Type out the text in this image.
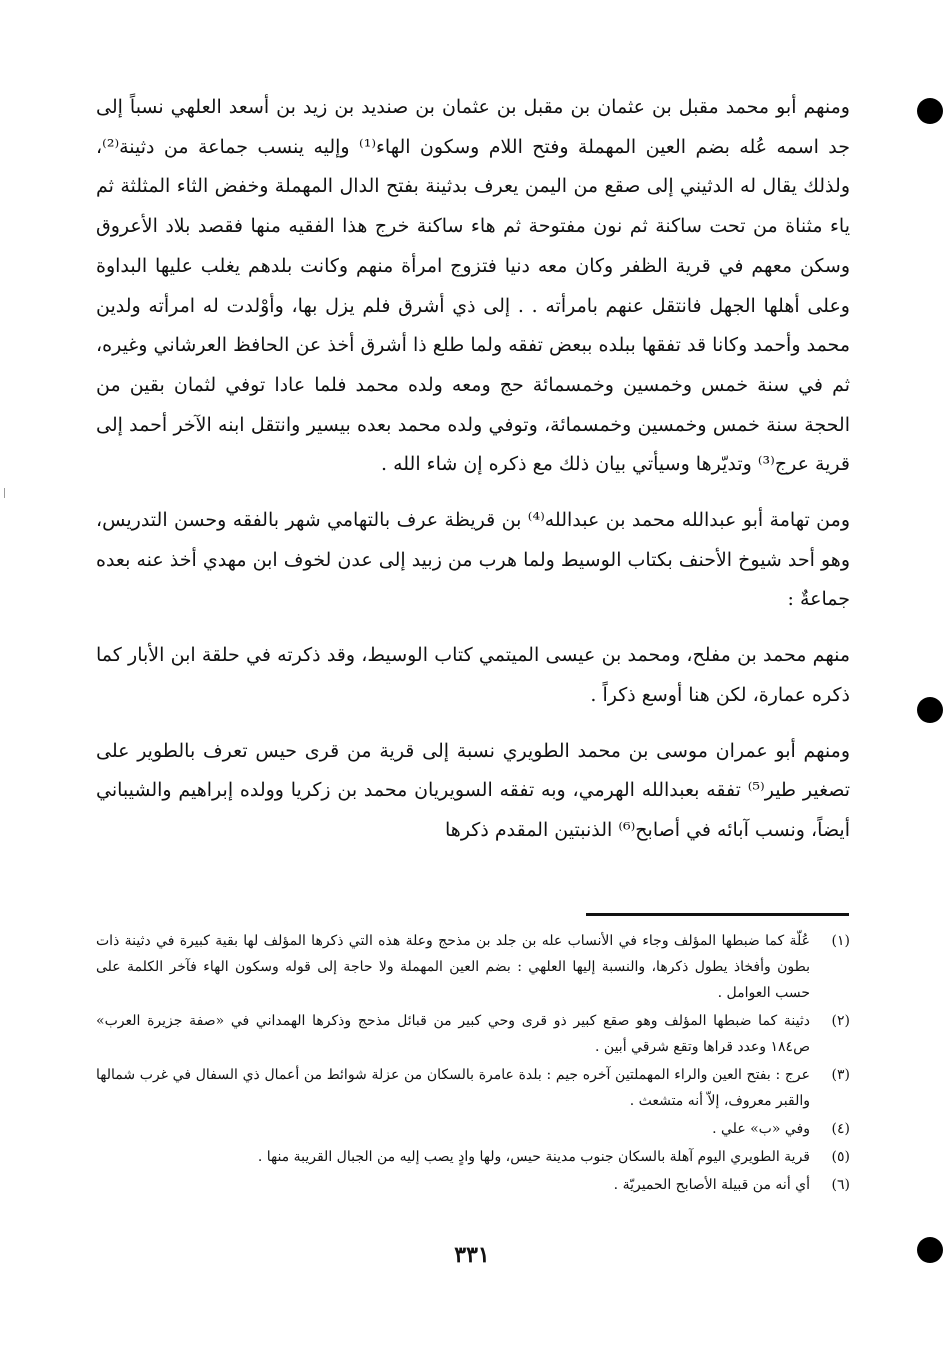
ومنهم أبو محمد مقبل بن عثمان بن مقبل بن عثمان بن صنديد بن زيد بن أسعد العلهي نسباً إلى جد اسمه عُله بضم العين المهملة وفتح اللام وسكون الهاء⁽¹⁾ وإليه ينسب جماعة من دثينة⁽²⁾، ولذلك يقال له الدثيني إلى صقع من اليمن يعرف بدثينة بفتح الدال المهملة وخفض الثاء المثلثة ثم ياء مثناة من تحت ساكنة ثم نون مفتوحة ثم هاء ساكنة خرج هذا الفقيه منها فقصد بلاد الأعروق وسكن معهم في قرية الظفر وكان معه دنيا فتزوج امرأة منهم وكانت بلدهم يغلب عليها البداوة وعلى أهلها الجهل فانتقل عنهم بامرأته . . إلى ذي أشرق فلم يزل بها، وأوْلدت له امرأته ولدين محمد وأحمد وكانا قد تفقها ببلده ببعض تفقه ولما طلع ذا أشرق أخذ عن الحافظ العرشاني وغيره، ثم في سنة خمس وخمسين وخمسمائة حج ومعه ولده محمد فلما عادا توفي لثمان بقين من الحجة سنة خمس وخمسين وخمسمائة، وتوفي ولده محمد بعده بيسير وانتقل ابنه الآخر أحمد إلى قرية عرج⁽³⁾ وتديّرها وسيأتي بيان ذلك مع ذكره إن شاء الله .

ومن تهامة أبو عبدالله محمد بن عبدالله⁽⁴⁾ بن قريظة عرف بالتهامي شهر بالفقه وحسن التدريس، وهو أحد شيوخ الأحنف بكتاب الوسيط ولما هرب من زبيد إلى عدن لخوف ابن مهدي أخذ عنه بعده جماعةٌ :

منهم محمد بن مفلح، ومحمد بن عيسى الميتمي كتاب الوسيط، وقد ذكرته في حلقة ابن الأبار كما ذكره عمارة، لكن هنا أوسع ذكراً .

ومنهم أبو عمران موسى بن محمد الطويري نسبة إلى قرية من قرى حيس تعرف بالطوير على تصغير طير⁽⁵⁾ تفقه بعبدالله الهرمي، وبه تفقه السويريان محمد بن زكريا وولده إبراهيم والشيباني أيضاً، ونسب آبائه في أصابح⁽⁶⁾ الذنبتين المقدم ذكرها

(١)
عُلّة كما ضبطها المؤلف وجاء في الأنساب عله بن جلد بن مذحج وعلة هذه التي ذكرها المؤلف لها بقية كبيرة في دثينة ذات بطون وأفخاذ يطول ذكرها، والنسبة إليها العلهي : بضم العين المهملة ولا حاجة إلى قوله وسكون الهاء فآخر الكلمة على حسب العوامل .
(٢)
دثينة كما ضبطها المؤلف وهو صقع كبير ذو قرى وحي كبير من قبائل مذحج وذكرها الهمداني في «صفة جزيرة العرب» ص١٨٤ وعدد قراها وتقع شرقي أبين .
(٣)
عرج : بفتح العين والراء المهملتين آخره جيم : بلدة عامرة بالسكان من عزلة شوائط من أعمال ذي السفال في غرب شمالها والقبر معروف، إلاّ أنه متشعث .
(٤)
وفي «ب» علي .
(٥)
قرية الطويري اليوم آهلة بالسكان جنوب مدينة حيس، ولها وادٍ يصب إليه من الجبال القريبة منها .
(٦)
أي أنه من قبيلة الأصابح الحميريّة .
٣٣١
